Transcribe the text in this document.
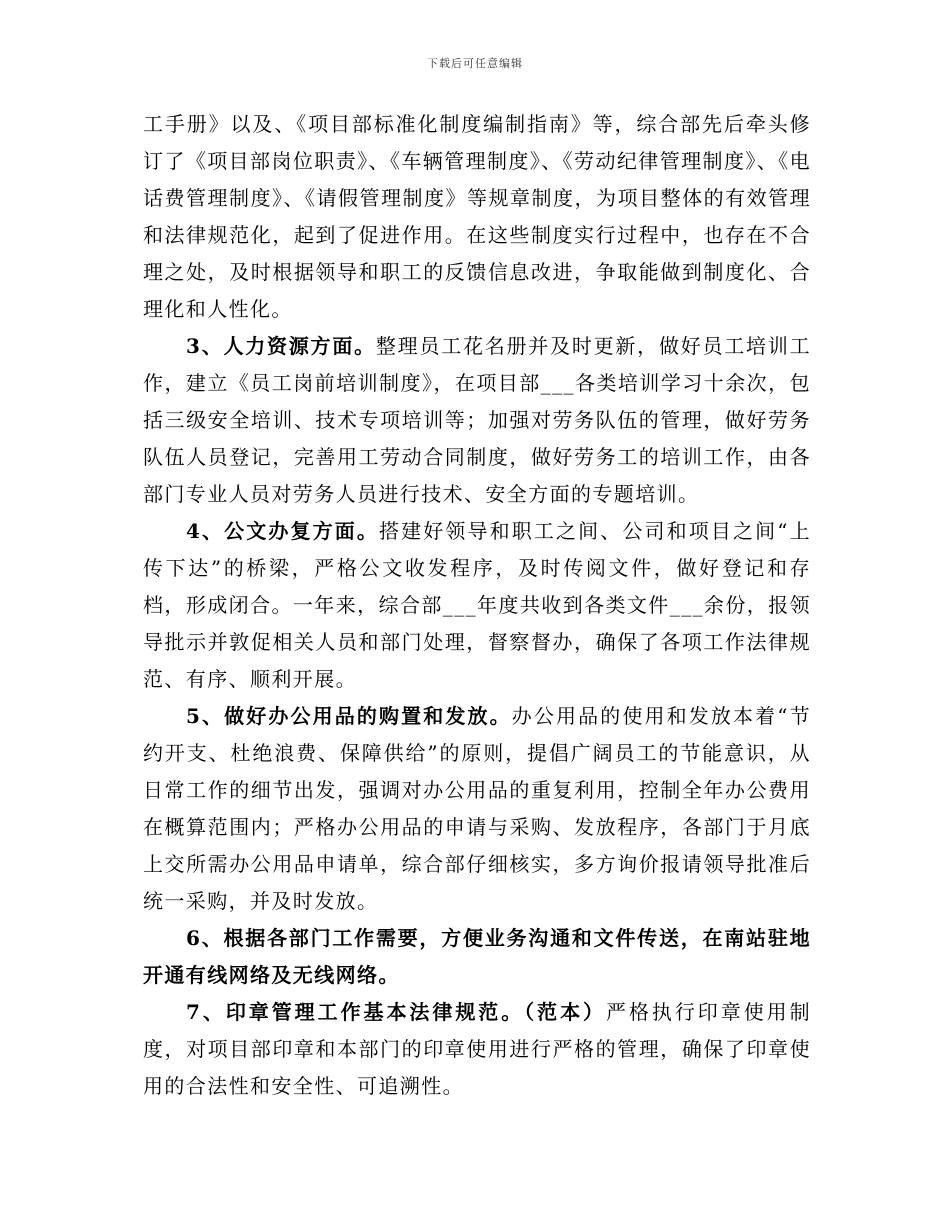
下载后可任意编辑

工手册》以及、《项目部标准化制度编制指南》等，综合部先后牵头修订了《项目部岗位职责》、《车辆管理制度》、《劳动纪律管理制度》、《电话费管理制度》、《请假管理制度》等规章制度，为项目整体的有效管理和法律规范化，起到了促进作用。在这些制度实行过程中，也存在不合理之处，及时根据领导和职工的反馈信息改进，争取能做到制度化、合理化和人性化。

3、人力资源方面。整理员工花名册并及时更新，做好员工培训工作，建立《员工岗前培训制度》，在项目部___各类培训学习十余次，包括三级安全培训、技术专项培训等；加强对劳务队伍的管理，做好劳务队伍人员登记，完善用工劳动合同制度，做好劳务工的培训工作，由各部门专业人员对劳务人员进行技术、安全方面的专题培训。

4、公文办复方面。搭建好领导和职工之间、公司和项目之间“上传下达”的桥梁，严格公文收发程序，及时传阅文件，做好登记和存档，形成闭合。一年来，综合部___年度共收到各类文件___余份，报领导批示并敦促相关人员和部门处理，督察督办，确保了各项工作法律规范、有序、顺利开展。

5、做好办公用品的购置和发放。办公用品的使用和发放本着“节约开支、杜绝浪费、保障供给”的原则，提倡广阔员工的节能意识，从日常工作的细节出发，强调对办公用品的重复利用，控制全年办公费用在概算范围内；严格办公用品的申请与采购、发放程序，各部门于月底上交所需办公用品申请单，综合部仔细核实，多方询价报请领导批准后统一采购，并及时发放。

6、根据各部门工作需要，方便业务沟通和文件传送，在南站驻地开通有线网络及无线网络。

7、印章管理工作基本法律规范。（范本）严格执行印章使用制度，对项目部印章和本部门的印章使用进行严格的管理，确保了印章使用的合法性和安全性、可追溯性。
